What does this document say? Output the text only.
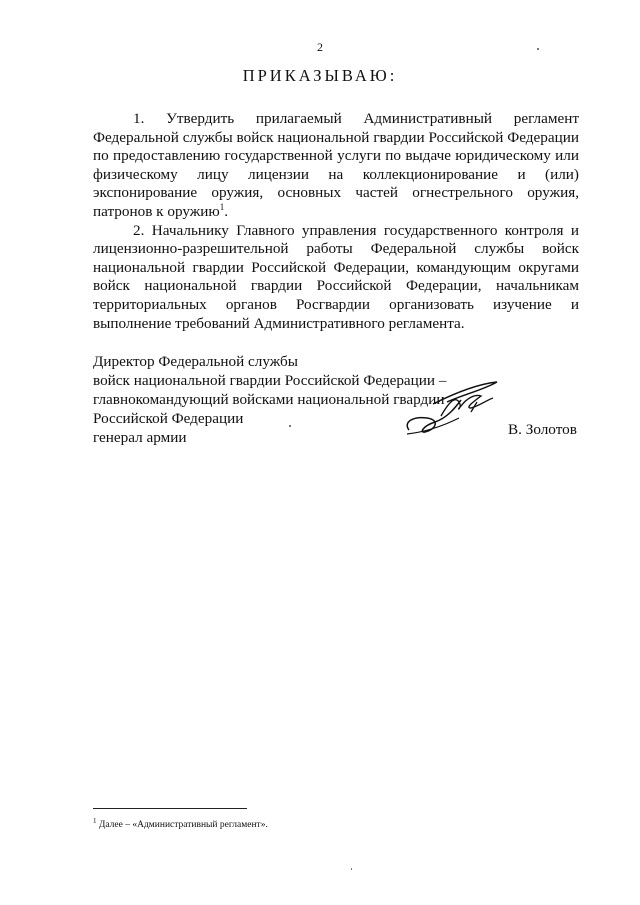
2
ПРИКАЗЫВАЮ:

1. Утвердить прилагаемый Административный регламент Федеральной службы войск национальной гвардии Российской Федерации по предоставлению государственной услуги по выдаче юридическому или физическому лицу лицензии на коллекционирование и (или) экспонирование оружия, основных частей огнестрельного оружия, патронов к оружию$^1$.

2. Начальнику Главного управления государственного контроля и лицензионно-разрешительной работы Федеральной службы войск национальной гвардии Российской Федерации, командующим округами войск национальной гвардии Российской Федерации, начальникам территориальных органов Росгвардии организовать изучение и выполнение требований Административного регламента.

Директор Федеральной службы
войск национальной гвардии Российской Федерации –
главнокомандующий войсками национальной гвардии
Российской Федерации
генерал армии	В. Золотов
$^1$ Далее – «Административный регламент».
